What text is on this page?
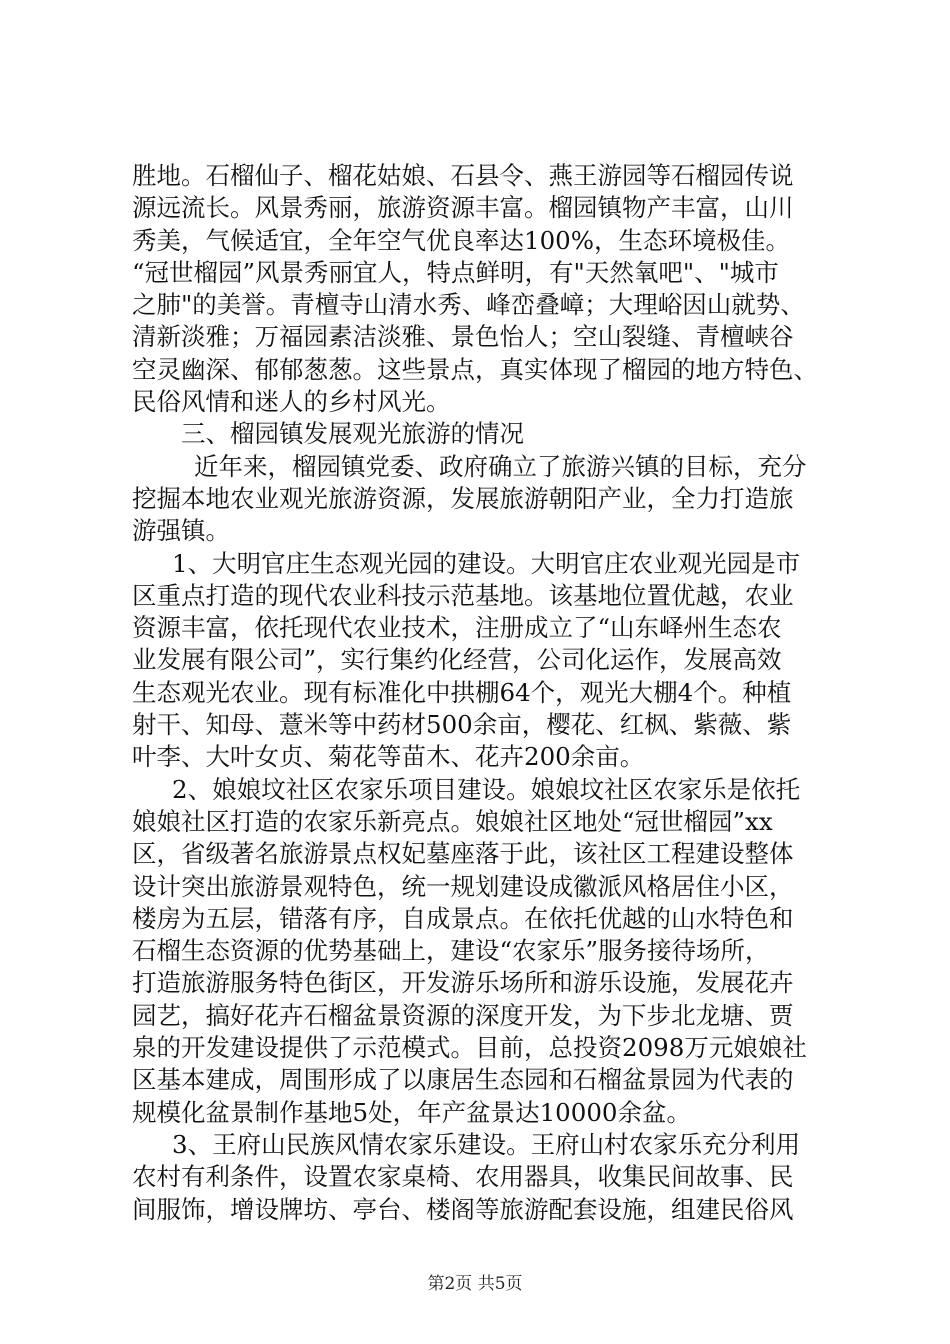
胜地。石榴仙子、榴花姑娘、石县令、燕王游园等石榴园传说
源远流长。风景秀丽，旅游资源丰富。榴园镇物产丰富，山川
秀美，气候适宜，全年空气优良率达100%，生态环境极佳。
“冠世榴园”风景秀丽宜人，特点鲜明，有"天然氧吧"、"城市
之肺"的美誉。青檀寺山清水秀、峰峦叠嶂；大理峪因山就势、
清新淡雅；万福园素洁淡雅、景色怡人；空山裂缝、青檀峡谷
空灵幽深、郁郁葱葱。这些景点，真实体现了榴园的地方特色、
民俗风情和迷人的乡村风光。
三、榴园镇发展观光旅游的情况
近年来，榴园镇党委、政府确立了旅游兴镇的目标，充分
挖掘本地农业观光旅游资源，发展旅游朝阳产业，全力打造旅
游强镇。
1、大明官庄生态观光园的建设。大明官庄农业观光园是市
区重点打造的现代农业科技示范基地。该基地位置优越，农业
资源丰富，依托现代农业技术，注册成立了“山东峄州生态农
业发展有限公司”，实行集约化经营，公司化运作，发展高效
生态观光农业。现有标准化中拱棚64个，观光大棚4个。种植
射干、知母、薏米等中药材500余亩，樱花、红枫、紫薇、紫
叶李、大叶女贞、菊花等苗木、花卉200余亩。
2、娘娘坟社区农家乐项目建设。娘娘坟社区农家乐是依托
娘娘社区打造的农家乐新亮点。娘娘社区地处“冠世榴园”xx
区，省级著名旅游景点权妃墓座落于此，该社区工程建设整体
设计突出旅游景观特色，统一规划建设成徽派风格居住小区，
楼房为五层，错落有序，自成景点。在依托优越的山水特色和
石榴生态资源的优势基础上，建设“农家乐”服务接待场所，
打造旅游服务特色街区，开发游乐场所和游乐设施，发展花卉
园艺，搞好花卉石榴盆景资源的深度开发，为下步北龙塘、贾
泉的开发建设提供了示范模式。目前，总投资2098万元娘娘社
区基本建成，周围形成了以康居生态园和石榴盆景园为代表的
规模化盆景制作基地5处，年产盆景达10000余盆。
3、王府山民族风情农家乐建设。王府山村农家乐充分利用
农村有利条件，设置农家桌椅、农用器具，收集民间故事、民
间服饰，增设牌坊、亭台、楼阁等旅游配套设施，组建民俗风
第2页 共5页
